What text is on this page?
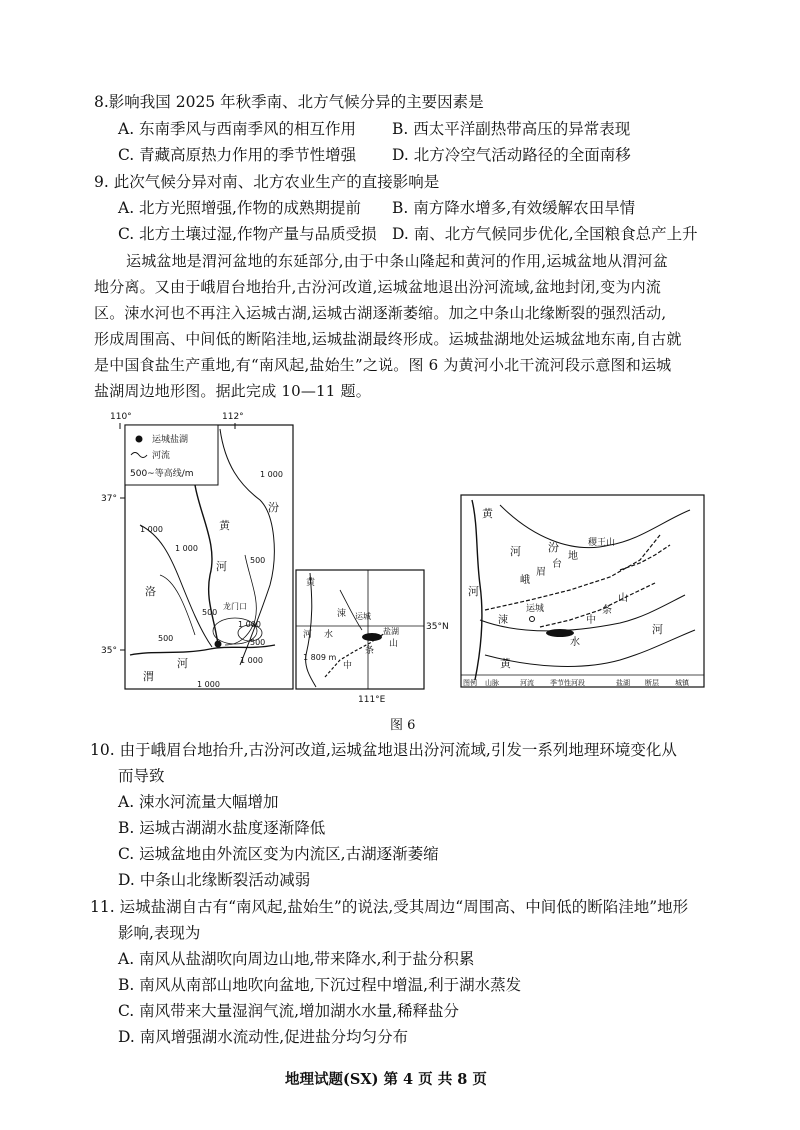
8.影响我国 2025 年秋季南、北方气候分异的主要因素是
A. 东南季风与西南季风的相互作用 B. 西太平洋副热带高压的异常表现
C. 青藏高原热力作用的季节性增强 D. 北方冷空气活动路径的全面南移
9. 此次气候分异对南、北方农业生产的直接影响是
A. 北方光照增强,作物的成熟期提前 B. 南方降水增多,有效缓解农田旱情
C. 北方土壤过湿,作物产量与品质受损 D. 南、北方气候同步优化,全国粮食总产上升
运城盆地是渭河盆地的东延部分,由于中条山隆起和黄河的作用,运城盆地从渭河盆
地分离。又由于峨眉台地抬升,古汾河改道,运城盆地退出汾河流域,盆地封闭,变为内流
区。涑水河也不再注入运城古湖,运城古湖逐渐萎缩。加之中条山北缘断裂的强烈活动,
形成周围高、中间低的断陷洼地,运城盐湖最终形成。运城盐湖地处运城盆地东南,自古就
是中国食盐生产重地,有“南风起,盐始生”之说。图 6 为黄河小北干流河段示意图和运城
盐湖周边地形图。据此完成 10—11 题。
110°	112°
37°
35°
运城盐湖
河流
500~等高线/m
汾
黄
河
洛
渭
河
龙门口
1 000
1 000
1 000
1 000
1 000
500
500
500
500
1 000
黄
涑 运城
水	盐湖
山
河
中
条
1 809 m
35°N
111°E
黄
河 汾
河
运城
峨
眉
台
地
稷王山
中
条
山
河
黄
涑
水
图例 山脉	河流 季节性河段	盐湖 断层 城镇
图 6
10. 由于峨眉台地抬升,古汾河改道,运城盆地退出汾河流域,引发一系列地理环境变化从
而导致
A. 涑水河流量大幅增加
B. 运城古湖湖水盐度逐渐降低
C. 运城盆地由外流区变为内流区,古湖逐渐萎缩
D. 中条山北缘断裂活动减弱
11. 运城盐湖自古有“南风起,盐始生”的说法,受其周边“周围高、中间低的断陷洼地”地形
影响,表现为
A. 南风从盐湖吹向周边山地,带来降水,利于盐分积累
B. 南风从南部山地吹向盆地,下沉过程中增温,利于湖水蒸发
C. 南风带来大量湿润气流,增加湖水水量,稀释盐分
D. 南风增强湖水流动性,促进盐分均匀分布
地理试题(SX) 第 4 页 共 8 页
